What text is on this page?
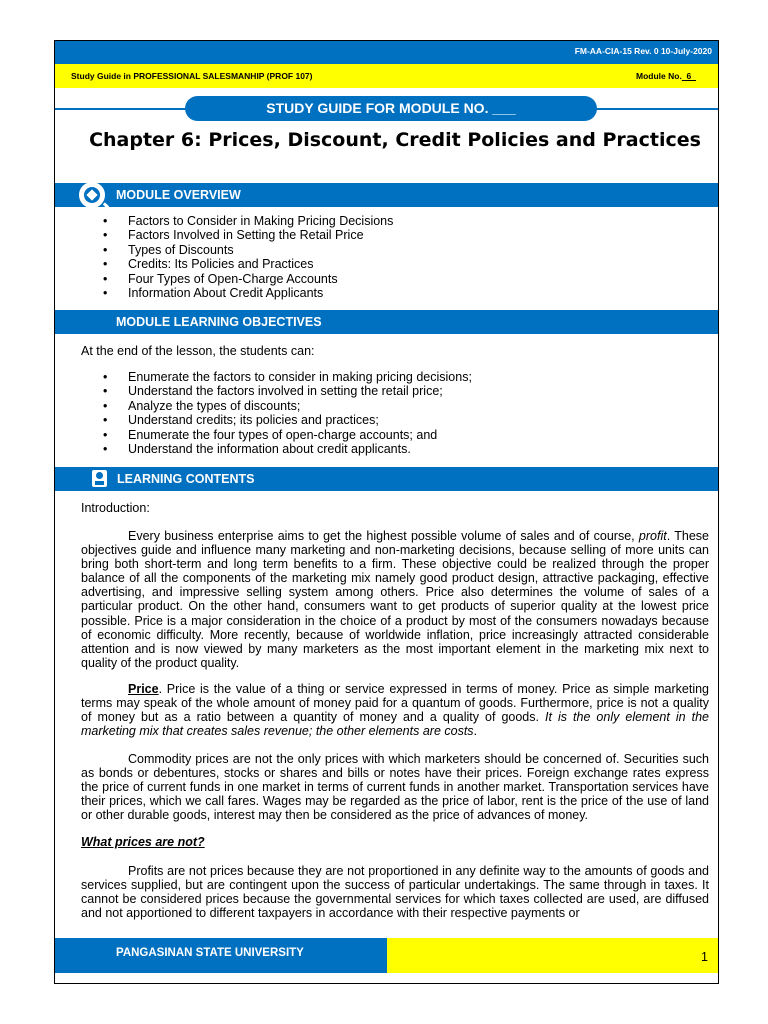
FM-AA-CIA-15 Rev. 0 10-July-2020
Study Guide in PROFESSIONAL SALESMANHIP (PROF 107)	Module No.  6
STUDY GUIDE FOR MODULE NO. ___
Chapter 6: Prices, Discount, Credit Policies and Practices
MODULE OVERVIEW
• Factors to Consider in Making Pricing Decisions
• Factors Involved in Setting the Retail Price
• Types of Discounts
• Credits: Its Policies and Practices
• Four Types of Open-Charge Accounts
• Information About Credit Applicants
MODULE LEARNING OBJECTIVES
At the end of the lesson, the students can:
• Enumerate the factors to consider in making pricing decisions;
• Understand the factors involved in setting the retail price;
• Analyze the types of discounts;
• Understand credits; its policies and practices;
• Enumerate the four types of open-charge accounts; and
• Understand the information about credit applicants.
LEARNING CONTENTS
Introduction:
Every business enterprise aims to get the highest possible volume of sales and of course, profit. These objectives guide and influence many marketing and non-marketing decisions, because selling of more units can bring both short-term and long term benefits to a firm. These objective could be realized through the proper balance of all the components of the marketing mix namely good product design, attractive packaging, effective advertising, and impressive selling system among others. Price also determines the volume of sales of a particular product. On the other hand, consumers want to get products of superior quality at the lowest price possible. Price is a major consideration in the choice of a product by most of the consumers nowadays because of economic difficulty. More recently, because of worldwide inflation, price increasingly attracted considerable attention and is now viewed by many marketers as the most important element in the marketing mix next to quality of the product quality.
Price. Price is the value of a thing or service expressed in terms of money. Price as simple marketing terms may speak of the whole amount of money paid for a quantum of goods. Furthermore, price is not a quality of money but as a ratio between a quantity of money and a quality of goods. It is the only element in the marketing mix that creates sales revenue; the other elements are costs.
Commodity prices are not the only prices with which marketers should be concerned of. Securities such as bonds or debentures, stocks or shares and bills or notes have their prices. Foreign exchange rates express the price of current funds in one market in terms of current funds in another market. Transportation services have their prices, which we call fares. Wages may be regarded as the price of labor, rent is the price of the use of land or other durable goods, interest may then be considered as the price of advances of money.
What prices are not?
Profits are not prices because they are not proportioned in any definite way to the amounts of goods and services supplied, but are contingent upon the success of particular undertakings. The same through in taxes. It cannot be considered prices because the governmental services for which taxes collected are used, are diffused and not apportioned to different taxpayers in accordance with their respective payments or
PANGASINAN STATE UNIVERSITY	1
